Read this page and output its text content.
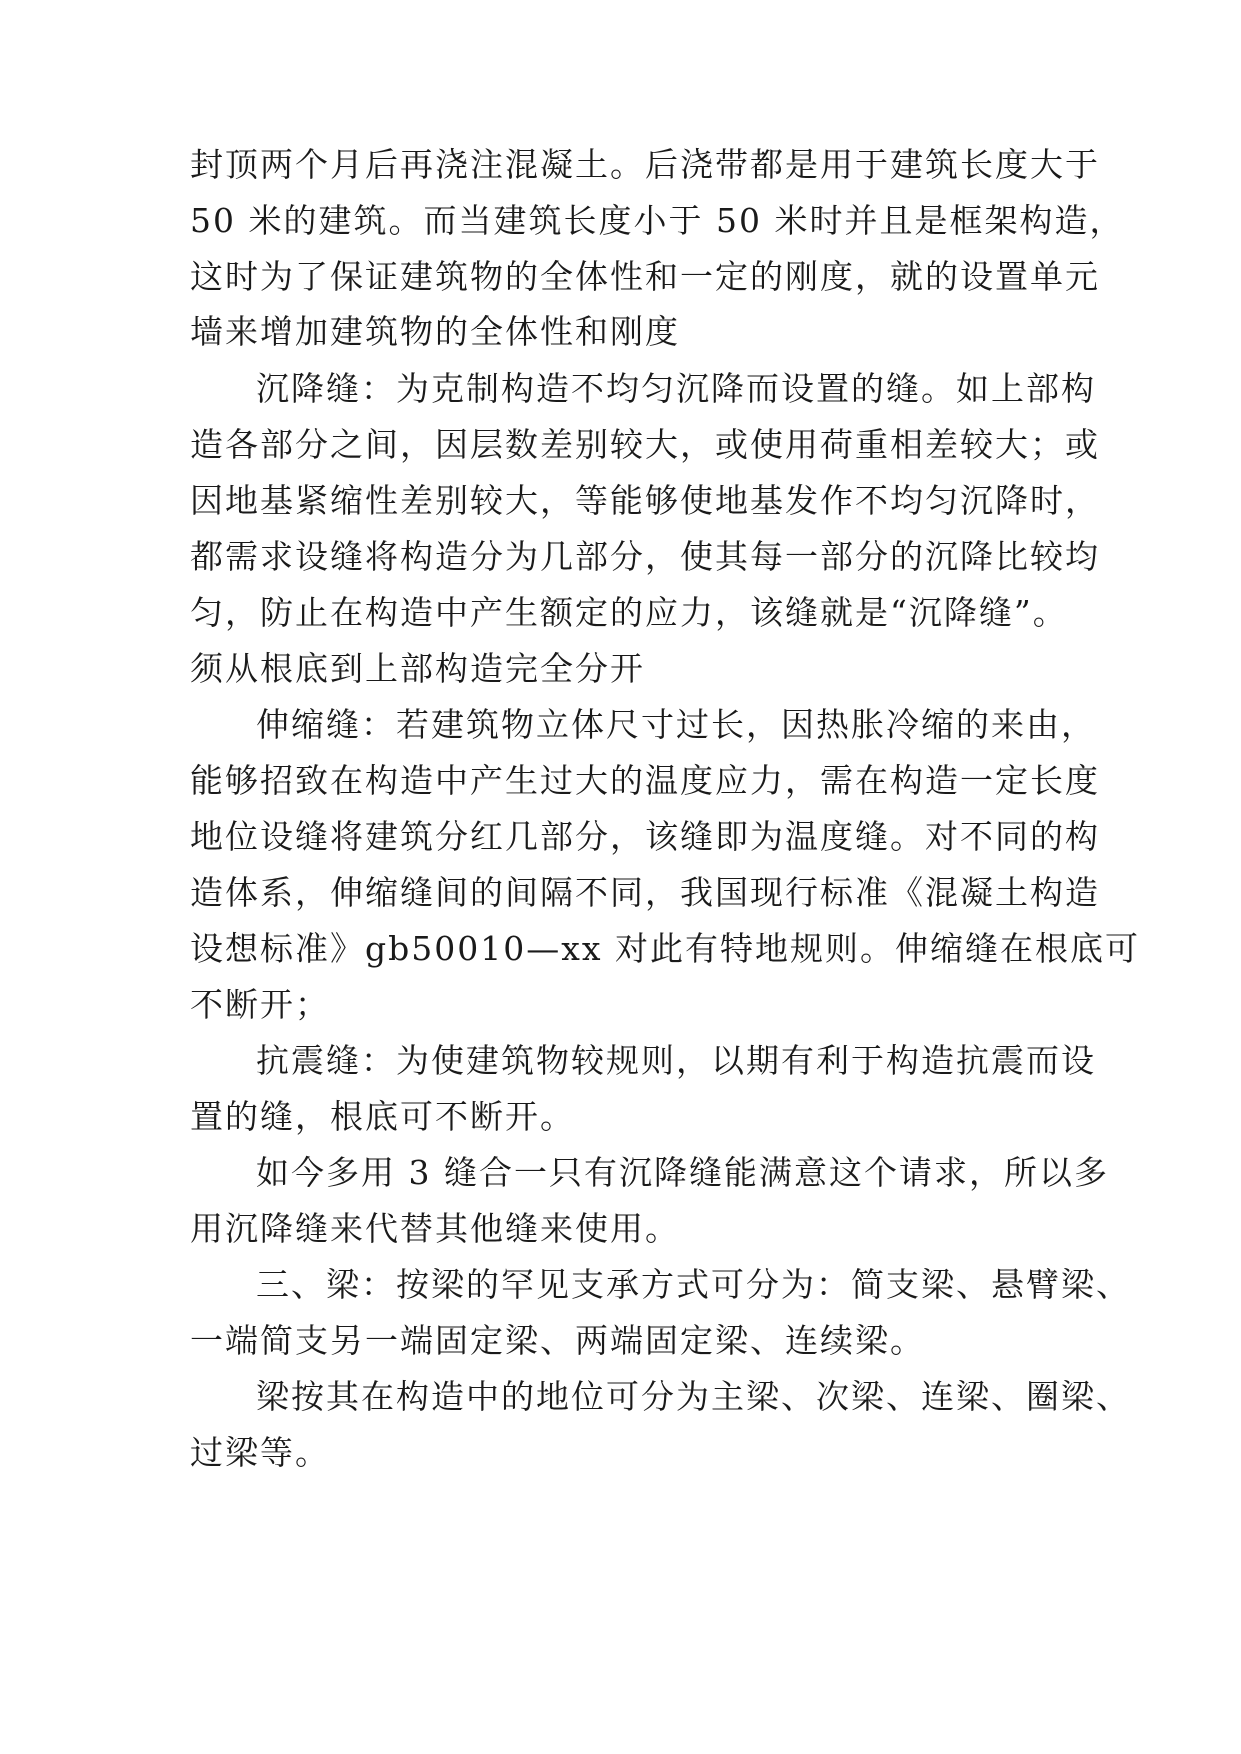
封顶两个月后再浇注混凝土。后浇带都是用于建筑长度大于
50 米的建筑。而当建筑长度小于 50 米时并且是框架构造，
这时为了保证建筑物的全体性和一定的刚度，就的设置单元
墙来增加建筑物的全体性和刚度
沉降缝：为克制构造不均匀沉降而设置的缝。如上部构
造各部分之间，因层数差别较大，或使用荷重相差较大；或
因地基紧缩性差别较大，等能够使地基发作不均匀沉降时，
都需求设缝将构造分为几部分，使其每一部分的沉降比较均
匀，防止在构造中产生额定的应力，该缝就是“沉降缝”。
须从根底到上部构造完全分开
伸缩缝：若建筑物立体尺寸过长，因热胀冷缩的来由，
能够招致在构造中产生过大的温度应力，需在构造一定长度
地位设缝将建筑分红几部分，该缝即为温度缝。对不同的构
造体系，伸缩缝间的间隔不同，我国现行标准《混凝土构造
设想标准》gb50010—xx 对此有特地规则。伸缩缝在根底可
不断开；
抗震缝：为使建筑物较规则，以期有利于构造抗震而设
置的缝，根底可不断开。
如今多用 3 缝合一只有沉降缝能满意这个请求，所以多
用沉降缝来代替其他缝来使用。
三、梁：按梁的罕见支承方式可分为：简支梁、悬臂梁、
一端简支另一端固定梁、两端固定梁、连续梁。
梁按其在构造中的地位可分为主梁、次梁、连梁、圈梁、
过梁等。
